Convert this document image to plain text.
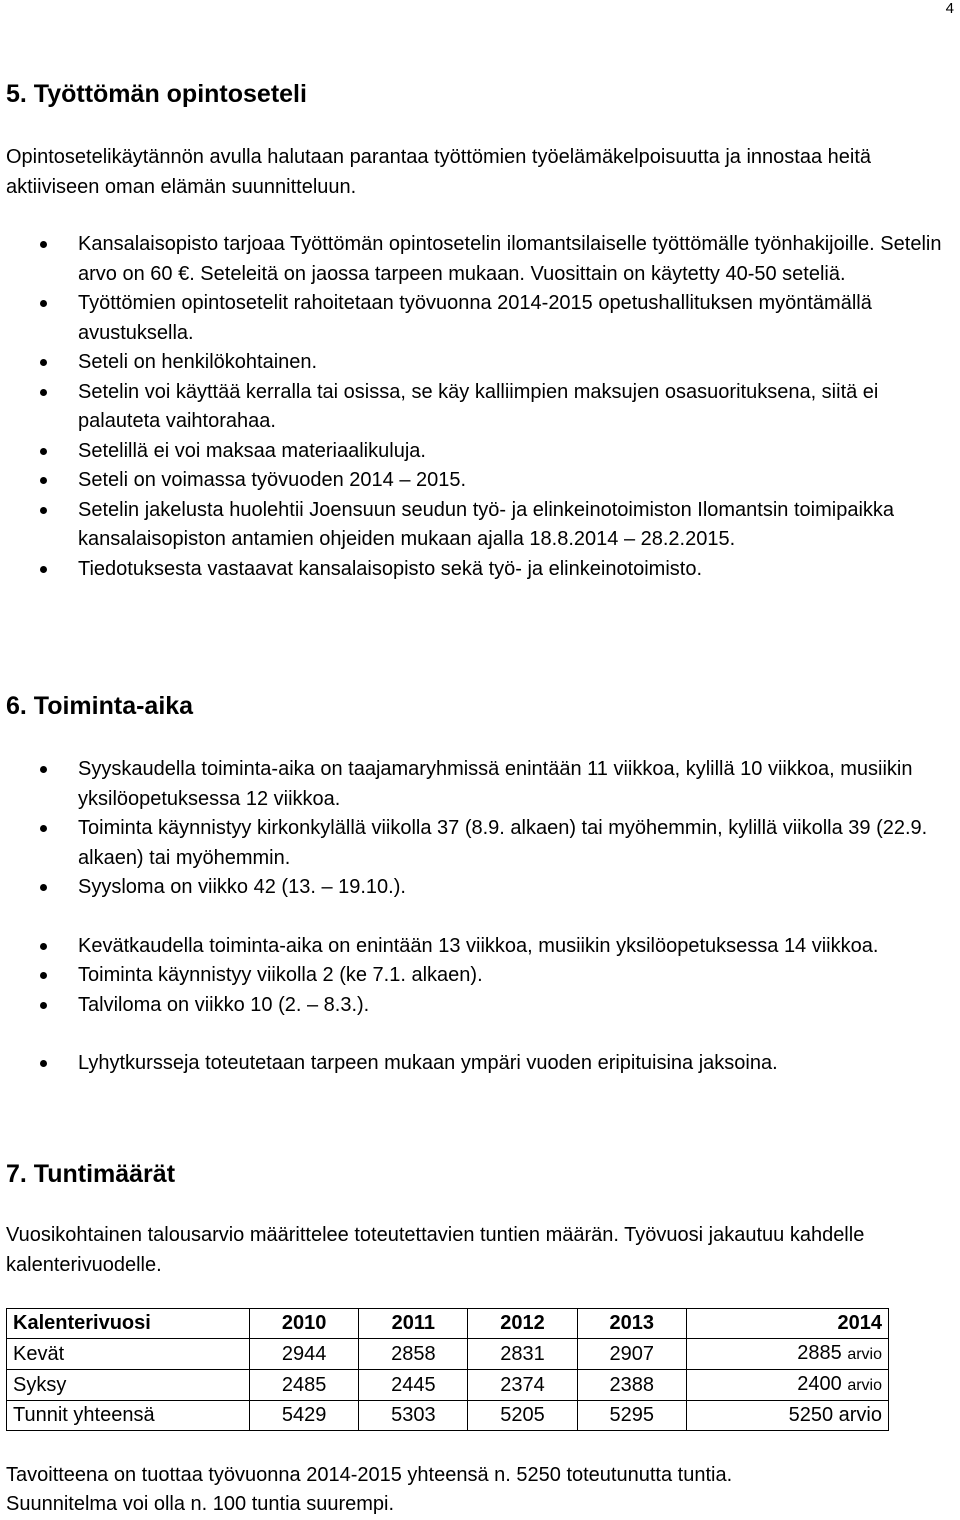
4
5. Työttömän opintoseteli

Opintosetelikäytännön avulla halutaan parantaa työttömien työelämäkelpoisuutta ja innostaa heitä aktiiviseen oman elämän suunnitteluun.

Kansalaisopisto tarjoaa Työttömän opintosetelin ilomantsilaiselle työttömälle työnhakijoille. Setelin arvo on 60 €. Seteleitä on jaossa tarpeen mukaan. Vuosittain on käytetty 40-50 seteliä.
Työttömien opintosetelit rahoitetaan työvuonna 2014-2015 opetushallituksen myöntämällä avustuksella.
Seteli on henkilökohtainen.
Setelin voi käyttää kerralla tai osissa, se käy kalliimpien maksujen osasuorituksena, siitä ei palauteta vaihtorahaa.
Setelillä ei voi maksaa materiaalikuluja.
Seteli on voimassa työvuoden 2014 – 2015.
Setelin jakelusta huolehtii Joensuun seudun työ- ja elinkeinotoimiston Ilomantsin toimipaikka kansalaisopiston antamien ohjeiden mukaan ajalla 18.8.2014 – 28.2.2015.
Tiedotuksesta vastaavat kansalaisopisto sekä työ- ja elinkeinotoimisto.
6. Toiminta-aika
Syyskaudella toiminta-aika on taajamaryhmissä enintään 11 viikkoa, kylillä 10 viikkoa, musiikin yksilöopetuksessa 12 viikkoa.
Toiminta käynnistyy kirkonkylällä viikolla 37 (8.9. alkaen) tai myöhemmin, kylillä viikolla 39 (22.9. alkaen) tai myöhemmin.
Syysloma on viikko 42 (13. – 19.10.).
Kevätkaudella toiminta-aika on enintään 13 viikkoa, musiikin yksilöopetuksessa 14 viikkoa.
Toiminta käynnistyy viikolla 2 (ke 7.1. alkaen).
Talviloma on viikko 10 (2. – 8.3.).
Lyhytkursseja toteutetaan tarpeen mukaan ympäri vuoden eripituisina jaksoina.
7. Tuntimäärät

Vuosikohtainen talousarvio määrittelee toteutettavien tuntien määrän. Työvuosi jakautuu kahdelle kalenterivuodelle.

Kalenterivuosi	2010	2011	2012	2013	2014
Kevät	2944	2858	2831	2907	2885 arvio
Syksy	2485	2445	2374	2388	2400 arvio
Tunnit yhteensä	5429	5303	5205	5295	5250 arvio

Tavoitteena on tuottaa työvuonna 2014-2015 yhteensä n. 5250 toteutunutta tuntia.

Suunnitelma voi olla n. 100 tuntia suurempi.
